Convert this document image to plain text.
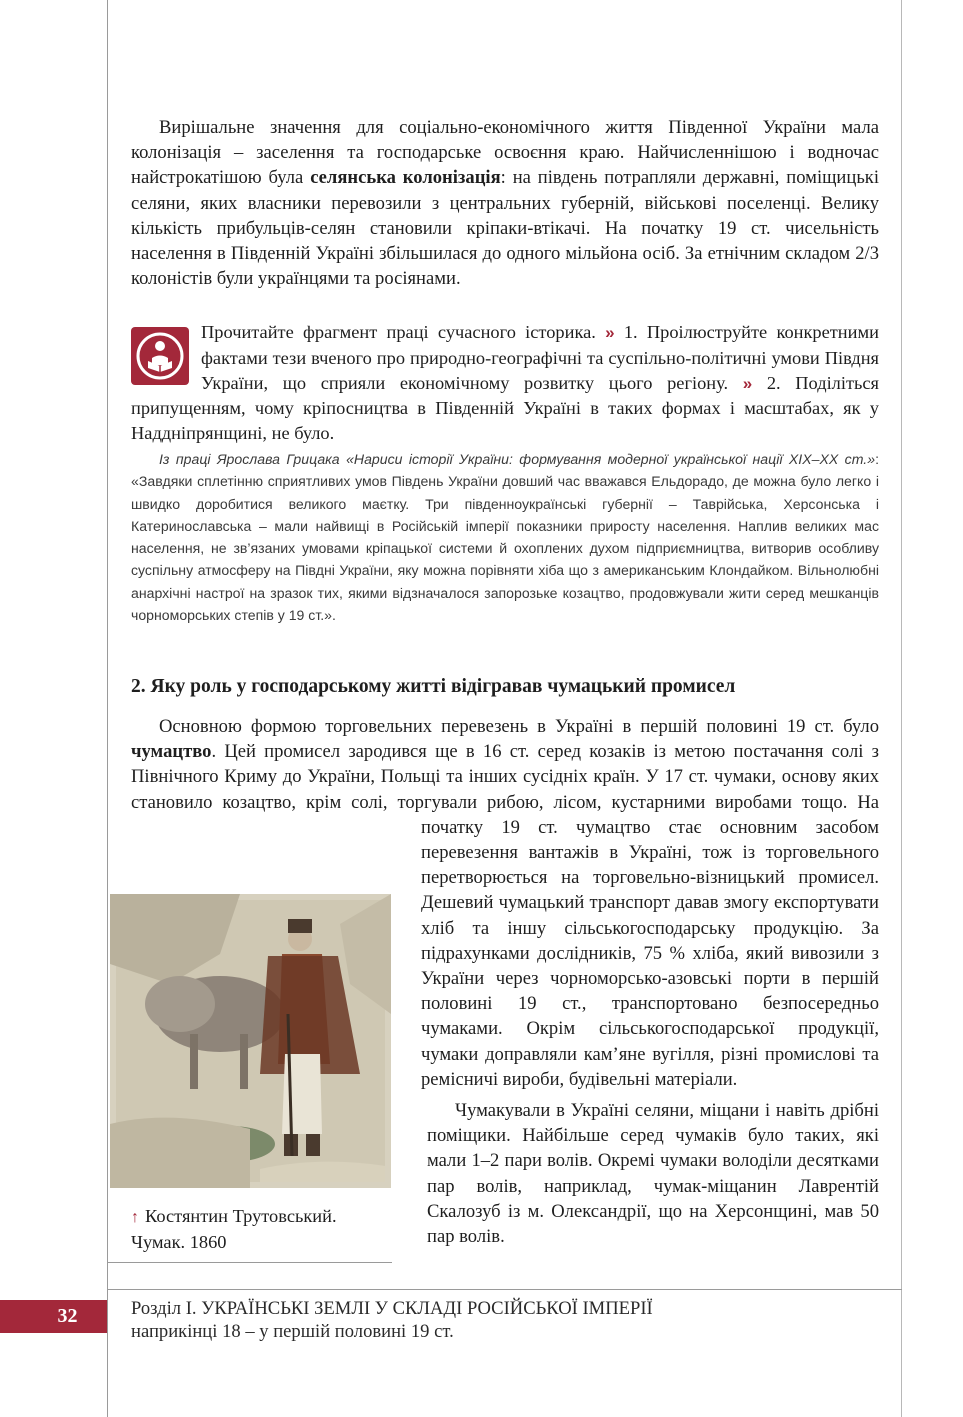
Вирішальне значення для соціально-економічного життя Південної України мала колонізація – заселення та господарське освоєння краю. Найчисленнішою і водночас найстрокатішою була селянська колонізація: на південь потрапляли державні, поміщицькі селяни, яких власники перевозили з центральних губерній, військові поселенці. Велику кількість прибульців-селян становили кріпаки-втікачі. На початку 19 ст. чисельність населення в Південній Україні збільшилася до одного мільйона осіб. За етнічним складом 2/3 колоністів були українцями та росіянами.

Прочитайте фрагмент праці сучасного історика. » 1. Проілюструйте конкретними фактами тези вченого про природно-географічні та суспільно-політичні умови Півдня України, що сприяли економічному розвитку цього регіону. » 2. Поділіться припущенням, чому кріпосництва в Південній Україні в таких формах і масштабах, як у Наддніпрянщині, не було.

Із праці Ярослава Грицака «Нариси історії України: формування модерної української нації XIX–XX ст.»: «Завдяки сплетінню сприятливих умов Південь України довший час вважався Ельдорадо, де можна було легко і швидко доробитися великого маєтку. Три південноукраїнські губернії – Таврійська, Херсонська і Катеринославська – мали найвищі в Російській імперії показники приросту населення. Наплив великих мас населення, не зв’язаних умовами кріпацької системи й охоплених духом підприємництва, витворив особливу суспільну атмосферу на Півдні України, яку можна порівняти хіба що з американським Клондайком. Вільнолюбні анархічні настрої на зразок тих, якими відзначалося запорозьке козацтво, продовжували жити серед мешканців чорноморських степів у 19 ст.».

2. Яку роль у господарському житті відігравав чумацький промисел

Основною формою торговельних перевезень в Україні в першій половині 19 ст. було чумацтво. Цей промисел зародився ще в 16 ст. серед козаків із метою постачання солі з Північного Криму до України, Польщі та інших сусідніх країн. У 17 ст. чумаки, основу яких становило козацтво, крім солі, торгували рибою, лісом, кустарними виробами тощо. На початку 19 ст. чумацтво стає основним засобом перевезення вантажів в Україні, тож із торговельного перетворюється на торговельно-візницький промисел. Дешевий чумацький транспорт давав змогу експортувати хліб та іншу сільськогосподарську продукцію. За підрахунками дослідників, 75 % хліба, який вивозили з України через чорноморсько-азовські порти в першій половині 19 ст., транспортовано безпосередньо чумаками. Окрім сільськогосподарської продукції, чумаки доправляли кам’яне вугілля, різні промислові та ремісничі вироби, будівельні матеріали.

Чумакували в Україні селяни, міщани і навіть дрібні поміщики. Найбільше серед чумаків було таких, які мали 1–2 пари волів. Окремі чумаки володіли десятками пар волів, наприклад, чумак-міщанин Лаврентій Скалозуб із м. Олександрії, що на Херсонщині, мав 50 пар волів.

↑ Костянтин Трутовський.
Чумак. 1860

32	Розділ І. УКРАЇНСЬКІ ЗЕМЛІ У СКЛАДІ РОСІЙСЬКОЇ ІМПЕРІЇ
наприкінці 18 – у першій половині 19 ст.
